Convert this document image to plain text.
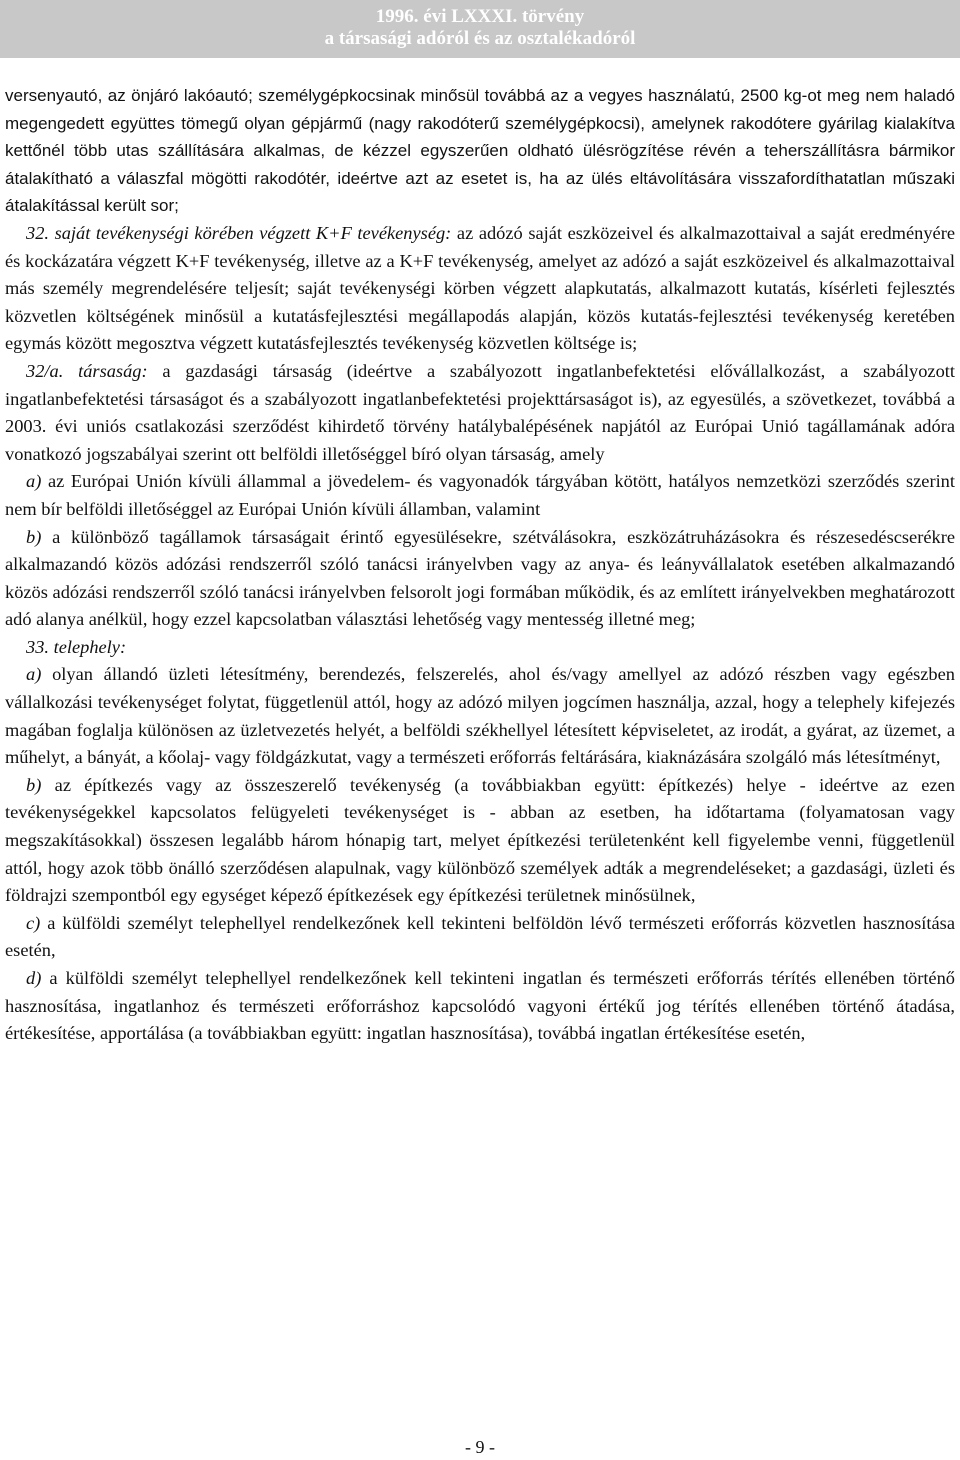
1996. évi LXXXI. törvény
a társasági adóról és az osztalékadóról

versenyautó, az önjáró lakóautó; személygépkocsinak minősül továbbá az a vegyes használatú, 2500 kg-ot meg nem haladó megengedett együttes tömegű olyan gépjármű (nagy rakodóterű személygépkocsi), amelynek rakodótere gyárilag kialakítva kettőnél több utas szállítására alkalmas, de kézzel egyszerűen oldható ülésrögzítése révén a teherszállításra bármikor átalakítható a válaszfal mögötti rakodótér, ideértve azt az esetet is, ha az ülés eltávolítására visszafordíthatatlan műszaki átalakítással került sor;

32. saját tevékenységi körében végzett K+F tevékenység: az adózó saját eszközeivel és alkalmazottaival a saját eredményére és kockázatára végzett K+F tevékenység, illetve az a K+F tevékenység, amelyet az adózó a saját eszközeivel és alkalmazottaival más személy megrendelésére teljesít; saját tevékenységi körben végzett alapkutatás, alkalmazott kutatás, kísérleti fejlesztés közvetlen költségének minősül a kutatásfejlesztési megállapodás alapján, közös kutatás-fejlesztési tevékenység keretében egymás között megosztva végzett kutatásfejlesztés tevékenység közvetlen költsége is;

32/a. társaság: a gazdasági társaság (ideértve a szabályozott ingatlanbefektetési elővállalkozást, a szabályozott ingatlanbefektetési társaságot és a szabályozott ingatlanbefektetési projekttársaságot is), az egyesülés, a szövetkezet, továbbá a 2003. évi uniós csatlakozási szerződést kihirdető törvény hatálybalépésének napjától az Európai Unió tagállamának adóra vonatkozó jogszabályai szerint ott belföldi illetőséggel bíró olyan társaság, amely

a) az Európai Unión kívüli állammal a jövedelem- és vagyonadók tárgyában kötött, hatályos nemzetközi szerződés szerint nem bír belföldi illetőséggel az Európai Unión kívüli államban, valamint

b) a különböző tagállamok társaságait érintő egyesülésekre, szétválásokra, eszközátruházásokra és részesedéscserékre alkalmazandó közös adózási rendszerről szóló tanácsi irányelvben vagy az anya- és leányvállalatok esetében alkalmazandó közös adózási rendszerről szóló tanácsi irányelvben felsorolt jogi formában működik, és az említett irányelvekben meghatározott adó alanya anélkül, hogy ezzel kapcsolatban választási lehetőség vagy mentesség illetné meg;

33. telephely:

a) olyan állandó üzleti létesítmény, berendezés, felszerelés, ahol és/vagy amellyel az adózó részben vagy egészben vállalkozási tevékenységet folytat, függetlenül attól, hogy az adózó milyen jogcímen használja, azzal, hogy a telephely kifejezés magában foglalja különösen az üzletvezetés helyét, a belföldi székhellyel létesített képviseletet, az irodát, a gyárat, az üzemet, a műhelyt, a bányát, a kőolaj- vagy földgázkutat, vagy a természeti erőforrás feltárására, kiaknázására szolgáló más létesítményt,

b) az építkezés vagy az összeszerelő tevékenység (a továbbiakban együtt: építkezés) helye - ideértve az ezen tevékenységekkel kapcsolatos felügyeleti tevékenységet is - abban az esetben, ha időtartama (folyamatosan vagy megszakításokkal) összesen legalább három hónapig tart, melyet építkezési területenként kell figyelembe venni, függetlenül attól, hogy azok több önálló szerződésen alapulnak, vagy különböző személyek adták a megrendeléseket; a gazdasági, üzleti és földrajzi szempontból egy egységet képező építkezések egy építkezési területnek minősülnek,

c) a külföldi személyt telephellyel rendelkezőnek kell tekinteni belföldön lévő természeti erőforrás közvetlen hasznosítása esetén,

d) a külföldi személyt telephellyel rendelkezőnek kell tekinteni ingatlan és természeti erőforrás térítés ellenében történő hasznosítása, ingatlanhoz és természeti erőforráshoz kapcsolódó vagyoni értékű jog térítés ellenében történő átadása, értékesítése, apportálása (a továbbiakban együtt: ingatlan hasznosítása), továbbá ingatlan értékesítése esetén,

- 9 -
